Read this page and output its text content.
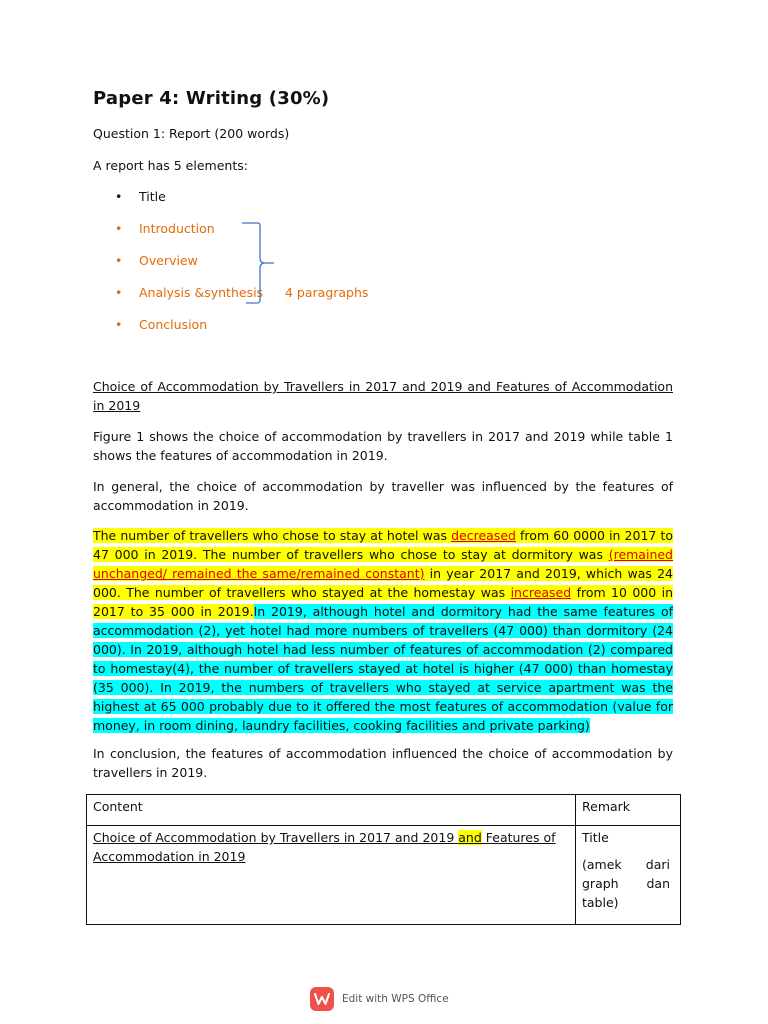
Paper 4: Writing (30%)
Question 1: Report (200 words)
A report has 5 elements:
• Title
• Introduction
• Overview
• Analysis &synthesis 4 paragraphs
• Conclusion
Choice of Accommodation by Travellers in 2017 and 2019 and Features of Accommodation in 2019
Figure 1 shows the choice of accommodation by travellers in 2017 and 2019 while table 1 shows the features of accommodation in 2019.
In general, the choice of accommodation by traveller was influenced by the features of accommodation in 2019.
The number of travellers who chose to stay at hotel was decreased from 60 0000 in 2017 to 47 000 in 2019. The number of travellers who chose to stay at dormitory was (remained unchanged/ remained the same/remained constant) in year 2017 and 2019, which was 24 000. The number of travellers who stayed at the homestay was increased from 10 000 in 2017 to 35 000 in 2019.In 2019, although hotel and dormitory had the same features of accommodation (2), yet hotel had more numbers of travellers (47 000) than dormitory (24 000). In 2019, although hotel had less number of features of accommodation (2) compared to homestay(4), the number of travellers stayed at hotel is higher (47 000) than homestay (35 000). In 2019, the numbers of travellers who stayed at service apartment was the highest at 65 000 probably due to it offered the most features of accommodation (value for money, in room dining, laundry facilities, cooking facilities and private parking)
In conclusion, the features of accommodation influenced the choice of accommodation by travellers in 2019.
Content	Remark
Choice of Accommodation by Travellers in 2017 and 2019 and Features of Accommodation in 2019	Title
(amek dari
graph dan
table)
Edit with WPS Office
